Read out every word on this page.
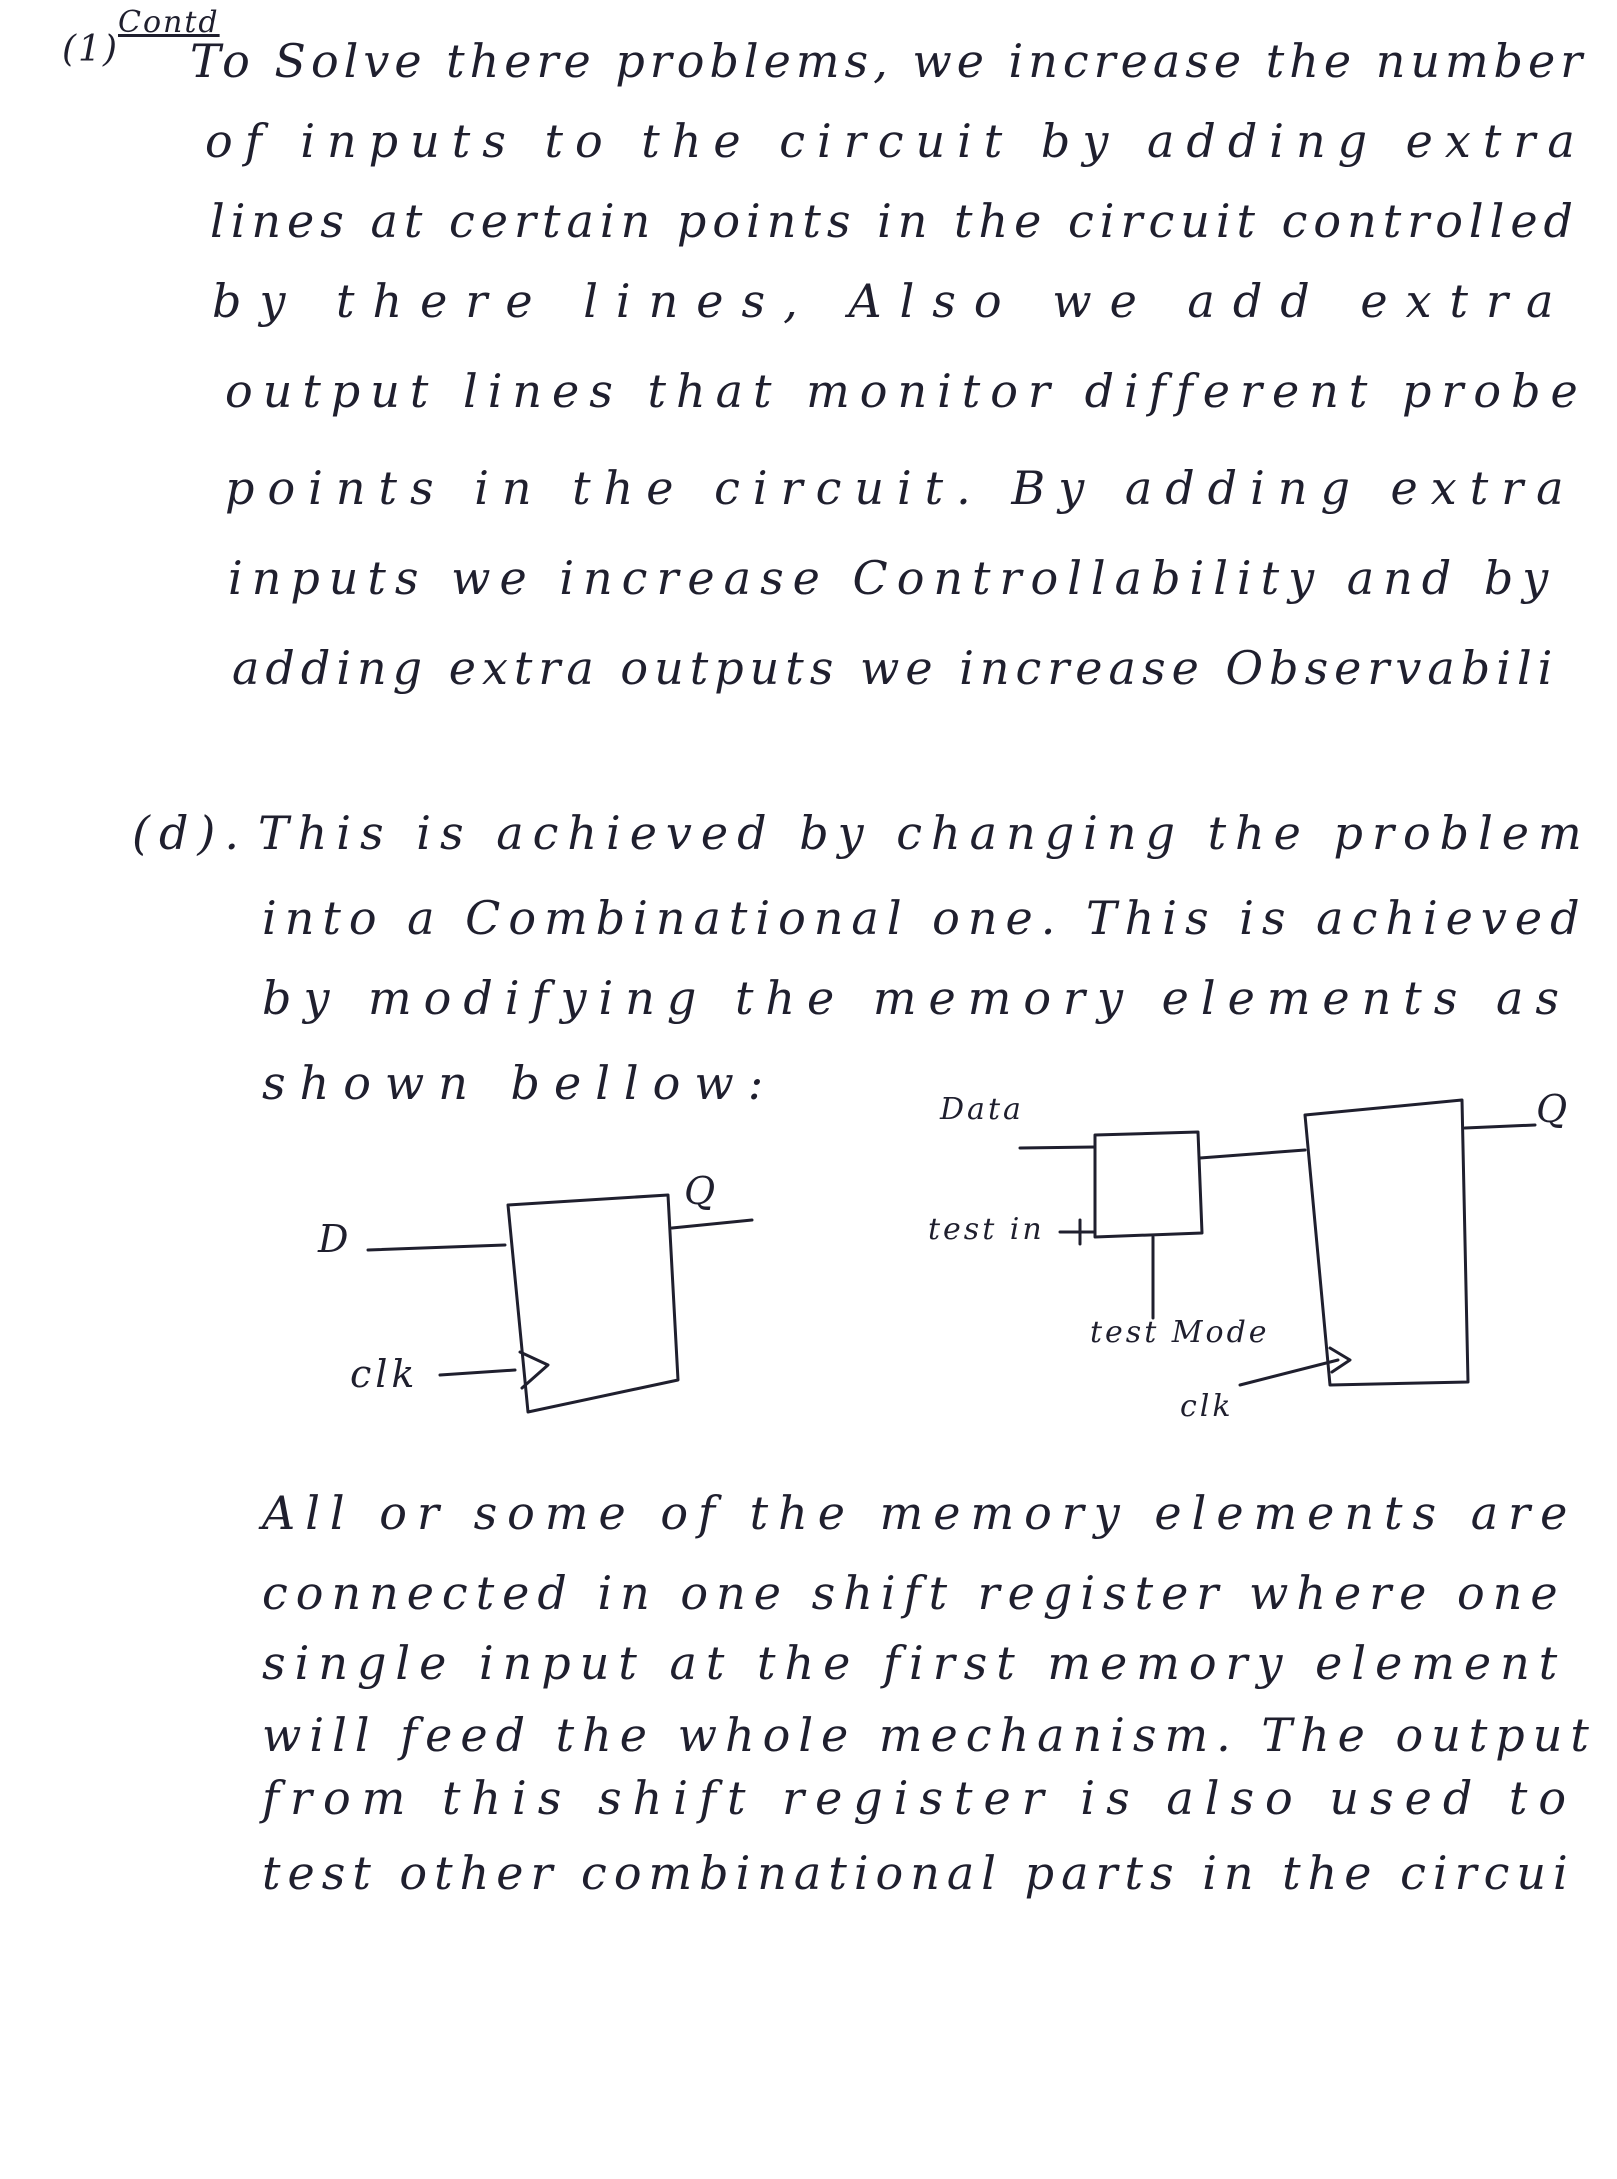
(1)
Contd
To Solve there problems, we increase the number
of inputs to the circuit by adding extra
lines at certain points in the circuit controlled
by there lines, Also we add extra
output lines that monitor different probe
points in the circuit. By adding extra
inputs we increase Controllability and by
adding extra outputs we increase Observabili
(d). This is achieved by changing the problem
into a Combinational one. This is achieved
by modifying the memory elements as
shown bellow:
D
Q
clk
Data
test in
test Mode
clk
Q
All or some of the memory elements are
connected in one shift register where one
single input at the first memory element
will feed the whole mechanism. The output
from this shift register is also used to
test other combinational parts in the circui
